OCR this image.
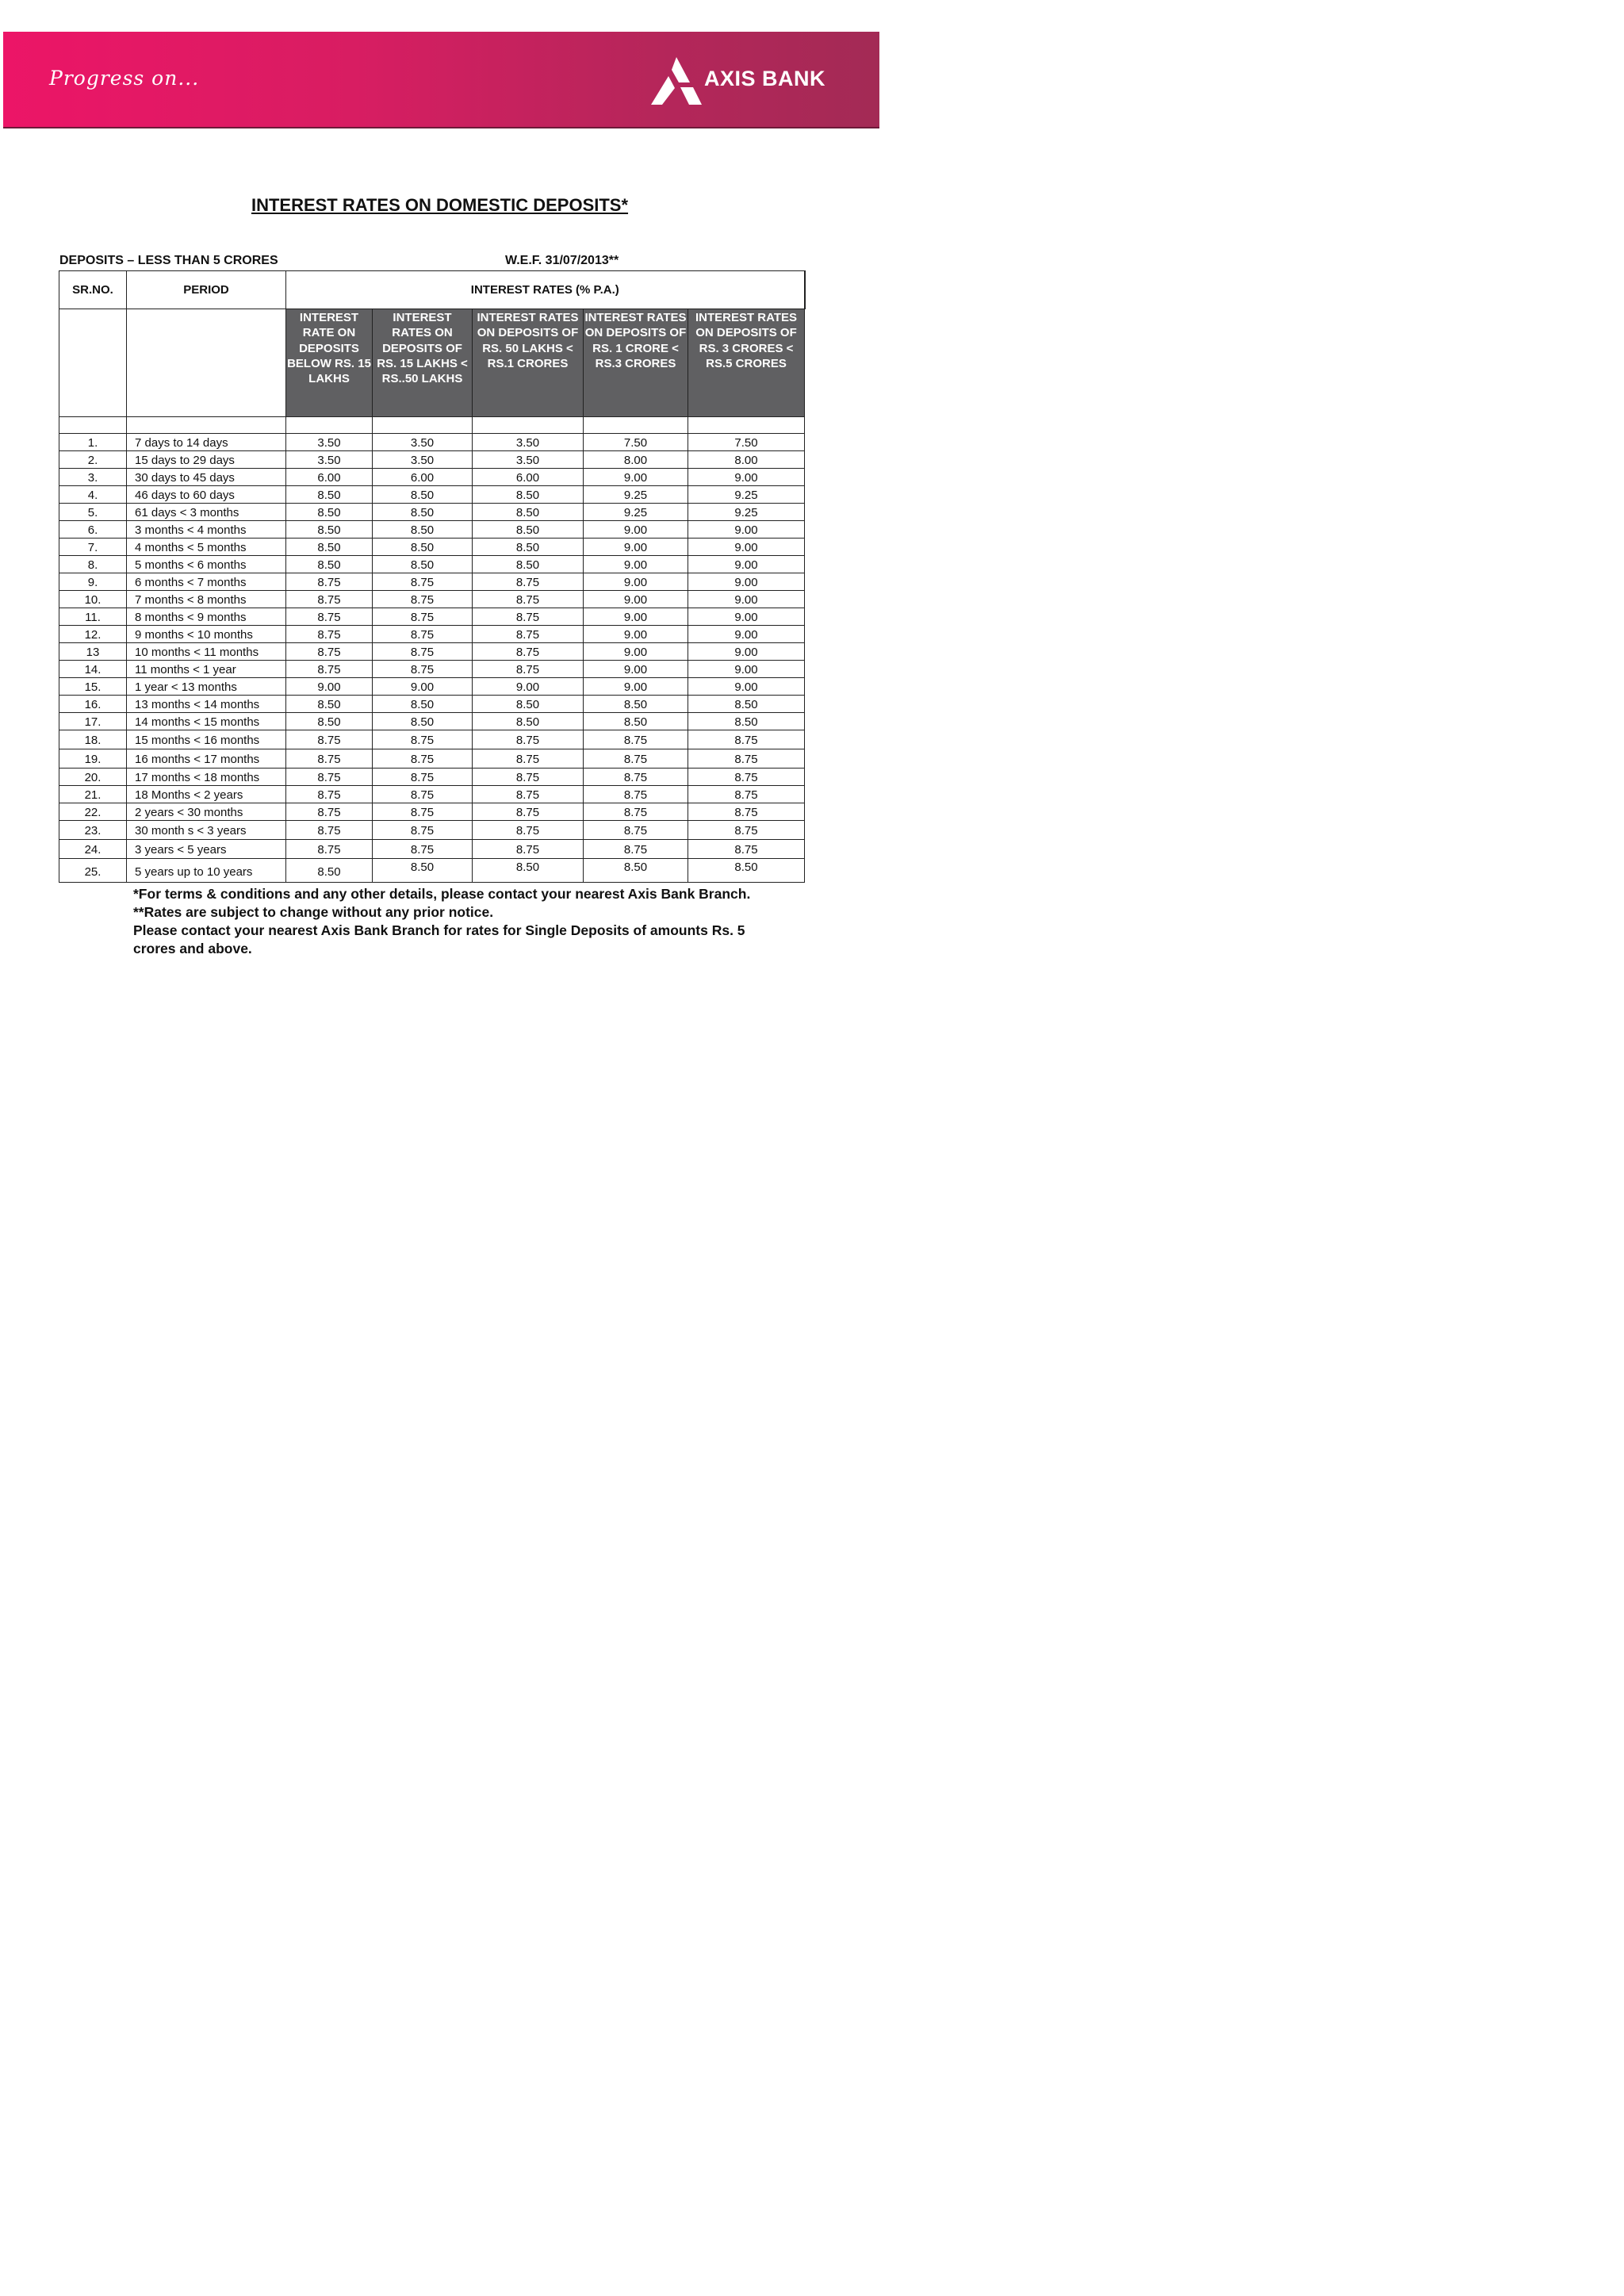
Progress on...	AXIS BANK
INTEREST RATES ON DOMESTIC DEPOSITS*
DEPOSITS – LESS THAN 5 CRORES	W.E.F. 31/07/2013**
SR.NO.	PERIOD	INTEREST RATES (% P.A.)				
		INTEREST RATE ON DEPOSITS BELOW RS. 15 LAKHS	INTEREST RATES ON DEPOSITS OF RS. 15 LAKHS < RS..50 LAKHS	INTEREST RATES ON DEPOSITS OF RS. 50 LAKHS < RS.1 CRORES	INTEREST RATES ON DEPOSITS OF RS. 1 CRORE < RS.3 CRORES	INTEREST RATES ON DEPOSITS OF RS. 3 CRORES < RS.5 CRORES

1.	7 days to 14 days	3.50	3.50	3.50	7.50	7.50
2.	15 days to 29 days	3.50	3.50	3.50	8.00	8.00
3.	30 days to 45 days	6.00	6.00	6.00	9.00	9.00
4.	46 days to 60 days	8.50	8.50	8.50	9.25	9.25
5.	61 days < 3 months	8.50	8.50	8.50	9.25	9.25
6.	3 months < 4 months	8.50	8.50	8.50	9.00	9.00
7.	4 months < 5 months	8.50	8.50	8.50	9.00	9.00
8.	5 months < 6 months	8.50	8.50	8.50	9.00	9.00
9.	6 months < 7 months	8.75	8.75	8.75	9.00	9.00
10.	7 months < 8 months	8.75	8.75	8.75	9.00	9.00
11.	8 months < 9 months	8.75	8.75	8.75	9.00	9.00
12.	9 months < 10 months	8.75	8.75	8.75	9.00	9.00
13	10 months < 11 months	8.75	8.75	8.75	9.00	9.00
14.	11 months < 1 year	8.75	8.75	8.75	9.00	9.00
15.	1 year < 13 months	9.00	9.00	9.00	9.00	9.00
16.	13 months < 14 months	8.50	8.50	8.50	8.50	8.50
17.	14 months < 15 months	8.50	8.50	8.50	8.50	8.50
18.	15 months < 16 months	8.75	8.75	8.75	8.75	8.75
19.	16 months < 17 months	8.75	8.75	8.75	8.75	8.75
20.	17 months < 18 months	8.75	8.75	8.75	8.75	8.75
21.	18 Months < 2 years	8.75	8.75	8.75	8.75	8.75
22.	2 years < 30 months	8.75	8.75	8.75	8.75	8.75
23.	30 month s < 3 years	8.75	8.75	8.75	8.75	8.75
24.	3 years < 5 years	8.75	8.75	8.75	8.75	8.75
25.	5 years up to 10 years	8.50	8.50	8.50	8.50	8.50

*For terms & conditions and any other details, please contact your nearest Axis Bank Branch.

**Rates are subject to change without any prior notice.

Please contact your nearest Axis Bank Branch for rates for Single Deposits of amounts Rs. 5 crores and above.
